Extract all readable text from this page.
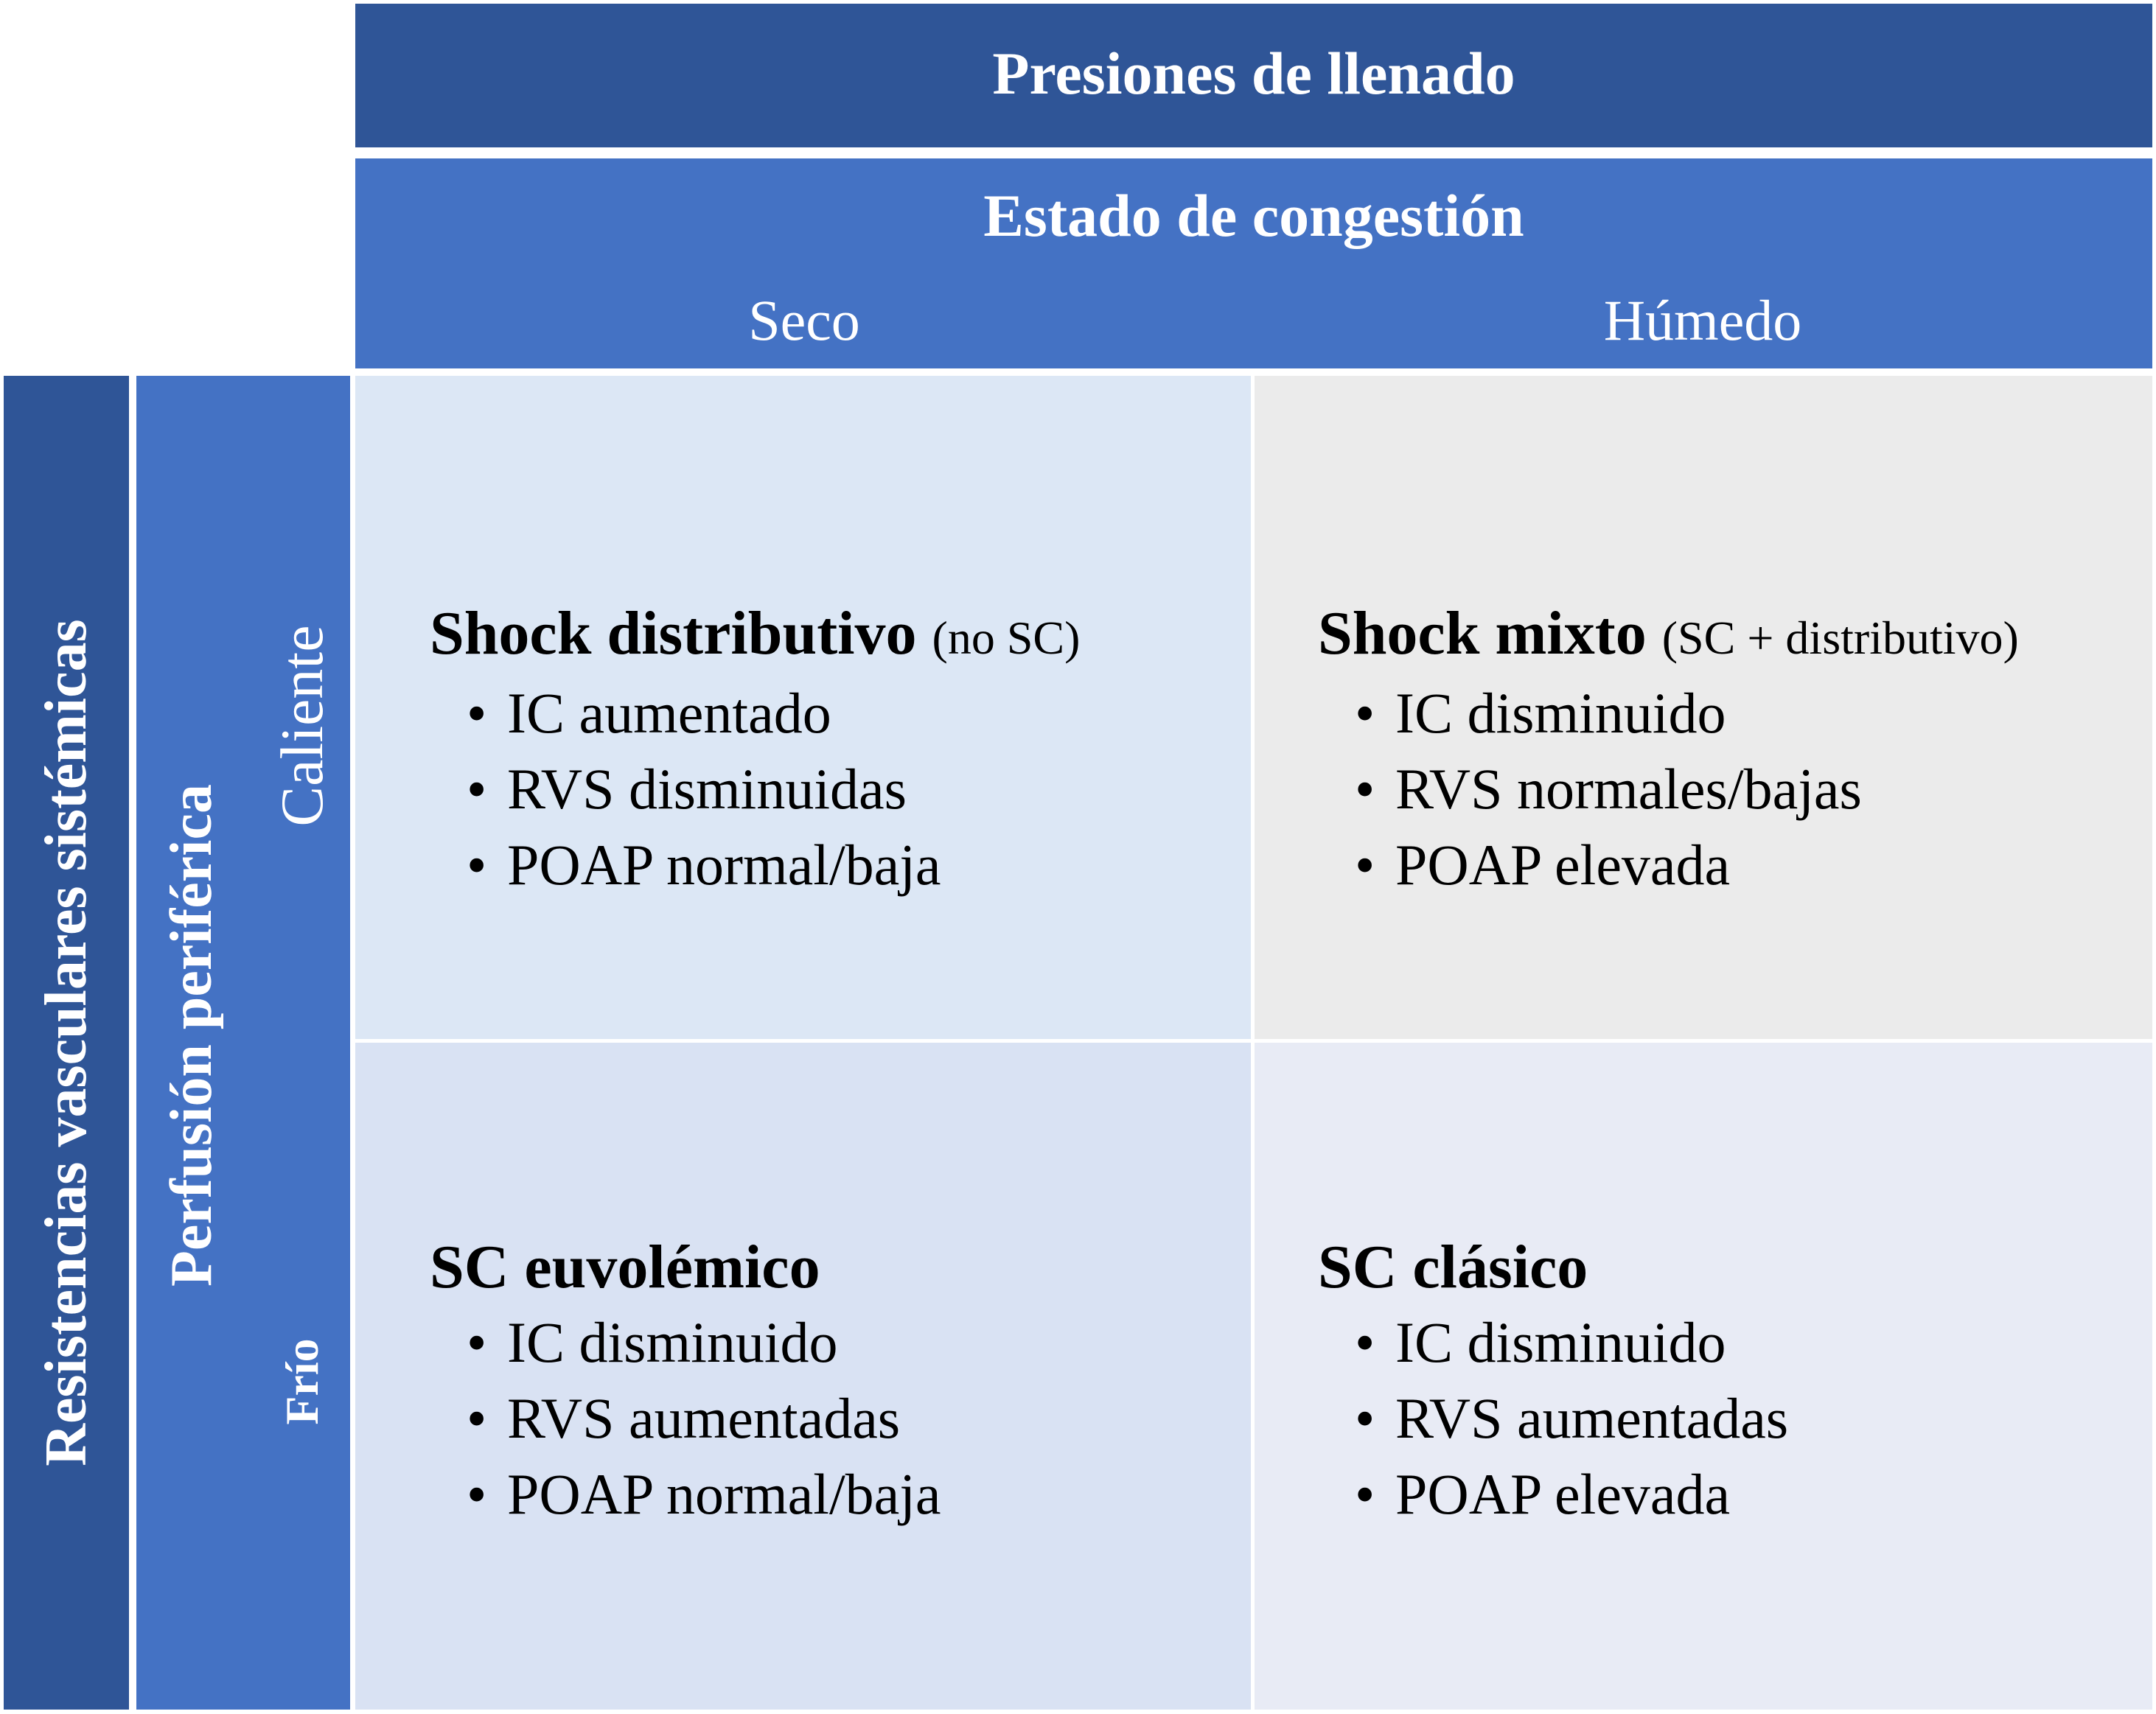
Presiones de llenado
Estado de congestión
Seco	Húmedo
Resistencias vasculares sistémicas Perfusión periférica
Caliente
Frío
Shock distributivo (no SC)
• IC aumentado
• RVS disminuidas
• POAP normal/baja
Shock mixto (SC + distributivo)
• IC disminuido
• RVS normales/bajas
• POAP elevada
SC euvolémico
• IC disminuido
• RVS aumentadas
• POAP normal/baja
SC clásico
• IC disminuido
• RVS aumentadas
• POAP elevada
